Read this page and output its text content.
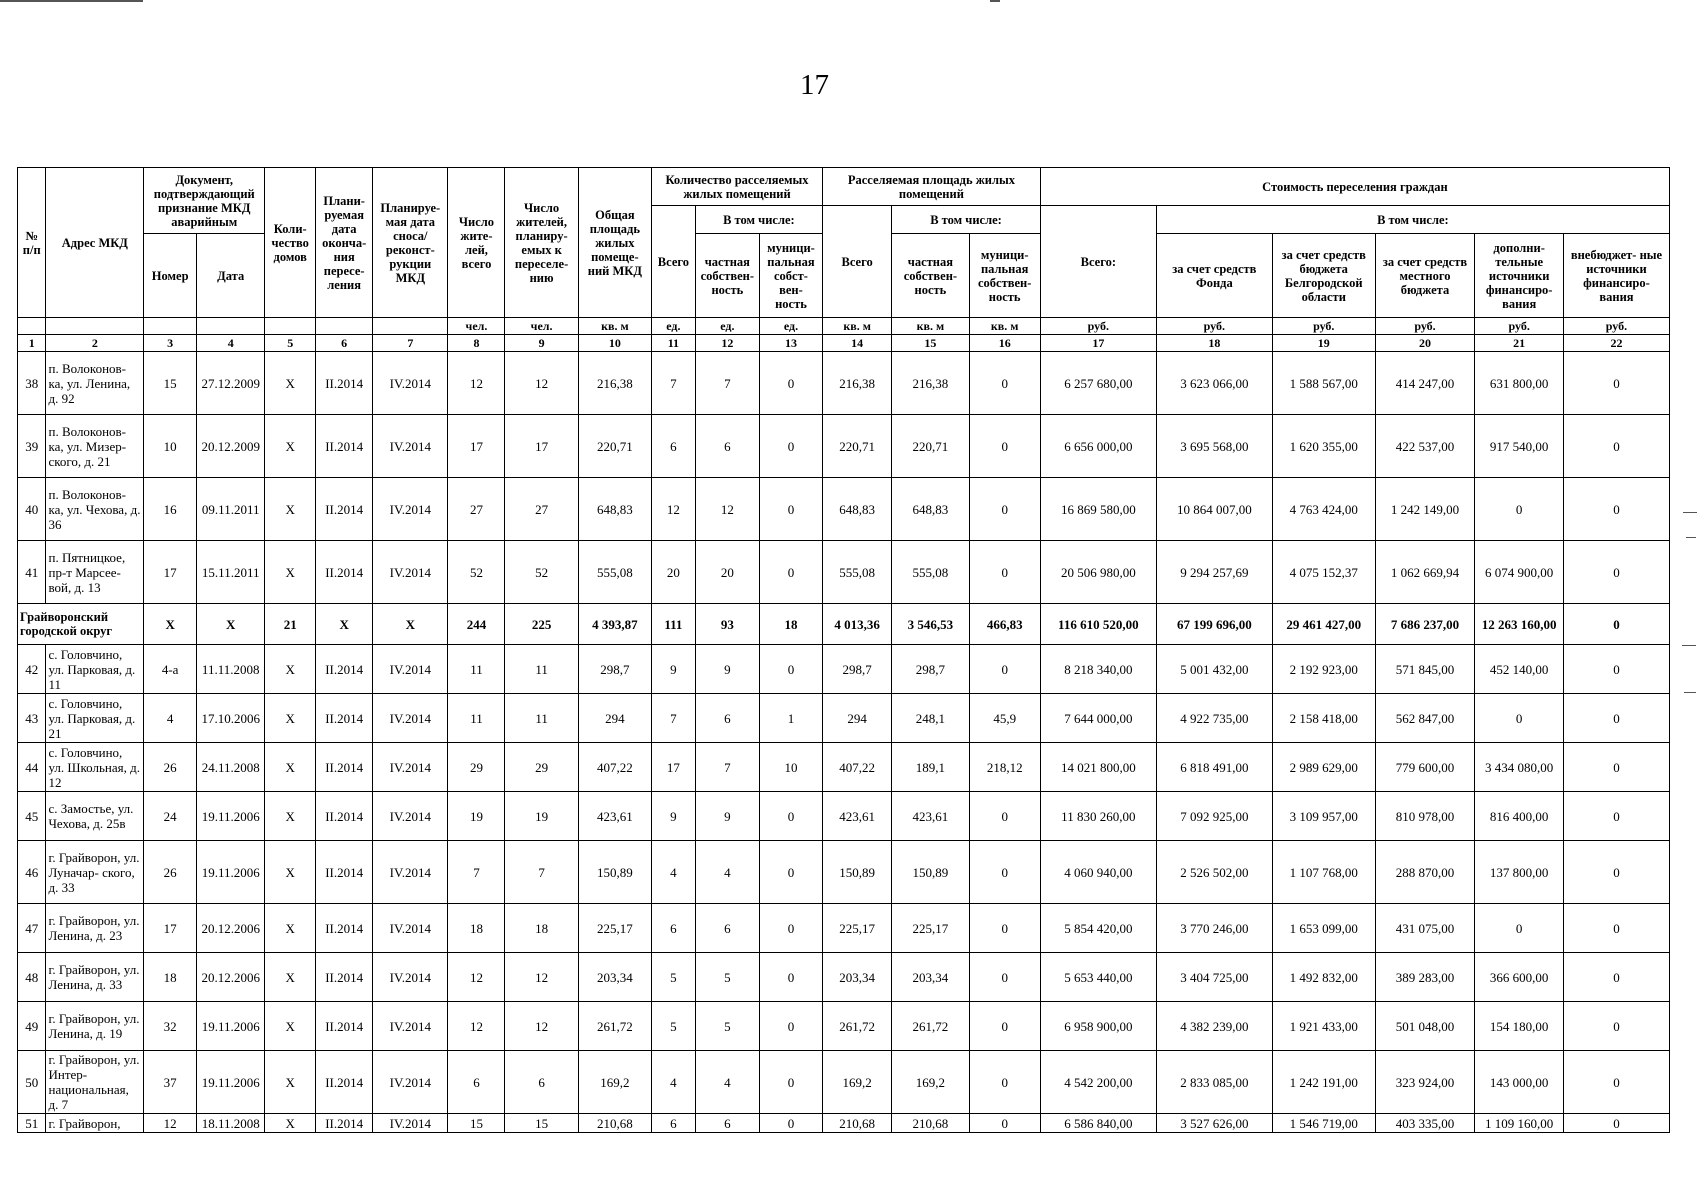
17
№ п/п	Адрес МКД	Документ, подтверждающий признание МКД аварийным		Коли- чество домов	Плани- руемая дата оконча- ния пересе- ления	Планируе- мая дата сноса/ реконст- рукции МКД	Число жите- лей, всего	Число жителей, планиру- емых к переселе- нию	Общая площадь жилых помеще- ний МКД	Количество расселяемых жилых помещений			Расселяемая площадь жилых помещений			Стоимость переселения граждан					
										Всего	В том числе:		Всего	В том числе:		Всего:	В том числе:				
		Номер	Дата								частная собствен- ность	муници- пальная собст- вен- ность		частная собствен- ность	муници- пальная собствен- ность		за счет средств Фонда	за счет средств бюджета Белгородской области	за счет средств местного бюджета	дополни- тельные источники финансиро- вания	внебюджет- ные источники финансиро- вания
							чел.	чел.	кв. м	ед.	ед.	ед.	кв. м	кв. м	кв. м	руб.	руб.	руб.	руб.	руб.	руб.
1	2	3	4	5	6	7	8	9	10	11	12	13	14	15	16	17	18	19	20	21	22
38	п. Волоконов- ка, ул. Ленина, д. 92	15	27.12.2009	X	II.2014	IV.2014	12	12	216,38	7	7	0	216,38	216,38	0	6 257 680,00	3 623 066,00	1 588 567,00	414 247,00	631 800,00	0
39	п. Волоконов- ка, ул. Мизер- ского, д. 21	10	20.12.2009	X	II.2014	IV.2014	17	17	220,71	6	6	0	220,71	220,71	0	6 656 000,00	3 695 568,00	1 620 355,00	422 537,00	917 540,00	0
40	п. Волоконов- ка, ул. Чехова, д. 36	16	09.11.2011	X	II.2014	IV.2014	27	27	648,83	12	12	0	648,83	648,83	0	16 869 580,00	10 864 007,00	4 763 424,00	1 242 149,00	0	0
41	п. Пятницкое, пр-т Марсее- вой, д. 13	17	15.11.2011	X	II.2014	IV.2014	52	52	555,08	20	20	0	555,08	555,08	0	20 506 980,00	9 294 257,69	4 075 152,37	1 062 669,94	6 074 900,00	0
Грайворонский городской округ		X	X	21	X	X	244	225	4 393,87	111	93	18	4 013,36	3 546,53	466,83	116 610 520,00	67 199 696,00	29 461 427,00	7 686 237,00	12 263 160,00	0
42	с. Головчино, ул. Парковая, д. 11	4-а	11.11.2008	X	II.2014	IV.2014	11	11	298,7	9	9	0	298,7	298,7	0	8 218 340,00	5 001 432,00	2 192 923,00	571 845,00	452 140,00	0
43	с. Головчино, ул. Парковая, д. 21	4	17.10.2006	X	II.2014	IV.2014	11	11	294	7	6	1	294	248,1	45,9	7 644 000,00	4 922 735,00	2 158 418,00	562 847,00	0	0
44	с. Головчино, ул. Школьная, д. 12	26	24.11.2008	X	II.2014	IV.2014	29	29	407,22	17	7	10	407,22	189,1	218,12	14 021 800,00	6 818 491,00	2 989 629,00	779 600,00	3 434 080,00	0
45	с. Замостье, ул. Чехова, д. 25в	24	19.11.2006	X	II.2014	IV.2014	19	19	423,61	9	9	0	423,61	423,61	0	11 830 260,00	7 092 925,00	3 109 957,00	810 978,00	816 400,00	0
46	г. Грайворон, ул. Луначар- ского, д. 33	26	19.11.2006	X	II.2014	IV.2014	7	7	150,89	4	4	0	150,89	150,89	0	4 060 940,00	2 526 502,00	1 107 768,00	288 870,00	137 800,00	0
47	г. Грайворон, ул. Ленина, д. 23	17	20.12.2006	X	II.2014	IV.2014	18	18	225,17	6	6	0	225,17	225,17	0	5 854 420,00	3 770 246,00	1 653 099,00	431 075,00	0	0
48	г. Грайворон, ул. Ленина, д. 33	18	20.12.2006	X	II.2014	IV.2014	12	12	203,34	5	5	0	203,34	203,34	0	5 653 440,00	3 404 725,00	1 492 832,00	389 283,00	366 600,00	0
49	г. Грайворон, ул. Ленина, д. 19	32	19.11.2006	X	II.2014	IV.2014	12	12	261,72	5	5	0	261,72	261,72	0	6 958 900,00	4 382 239,00	1 921 433,00	501 048,00	154 180,00	0
50	г. Грайворон, ул. Интер- национальная, д. 7	37	19.11.2006	X	II.2014	IV.2014	6	6	169,2	4	4	0	169,2	169,2	0	4 542 200,00	2 833 085,00	1 242 191,00	323 924,00	143 000,00	0
51	г. Грайворон,	12	18.11.2008	X	II.2014	IV.2014	15	15	210,68	6	6	0	210,68	210,68	0	6 586 840,00	3 527 626,00	1 546 719,00	403 335,00	1 109 160,00	0
